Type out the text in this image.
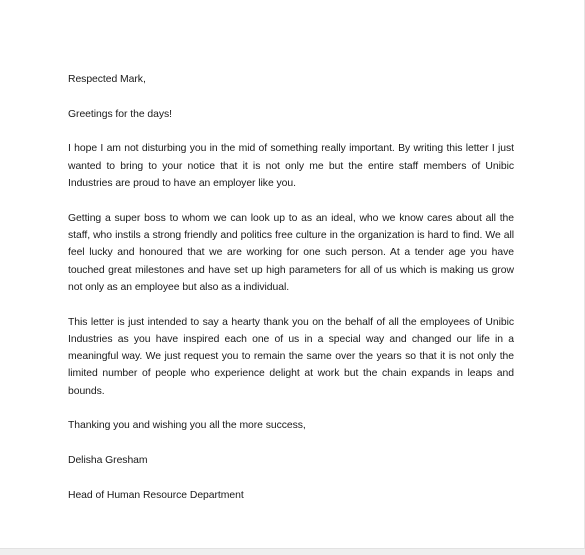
Respected Mark,

Greetings for the days!

I hope I am not disturbing you in the mid of something really important. By writing this letter I just wanted to bring to your notice that it is not only me but the entire staff members of Unibic Industries are proud to have an employer like you.

Getting a super boss to whom we can look up to as an ideal, who we know cares about all the staff, who instils a strong friendly and politics free culture in the organization is hard to find. We all feel lucky and honoured that we are working for one such person. At a tender age you have touched great milestones and have set up high parameters for all of us which is making us grow not only as an employee but also as a individual.

This letter is just intended to say a hearty thank you on the behalf of all the employees of Unibic Industries as you have inspired each one of us in a special way and changed our life in a meaningful way. We just request you to remain the same over the years so that it is not only the limited number of people who experience delight at work but the chain expands in leaps and bounds.

Thanking you and wishing you all the more success,

Delisha Gresham

Head of Human Resource Department
